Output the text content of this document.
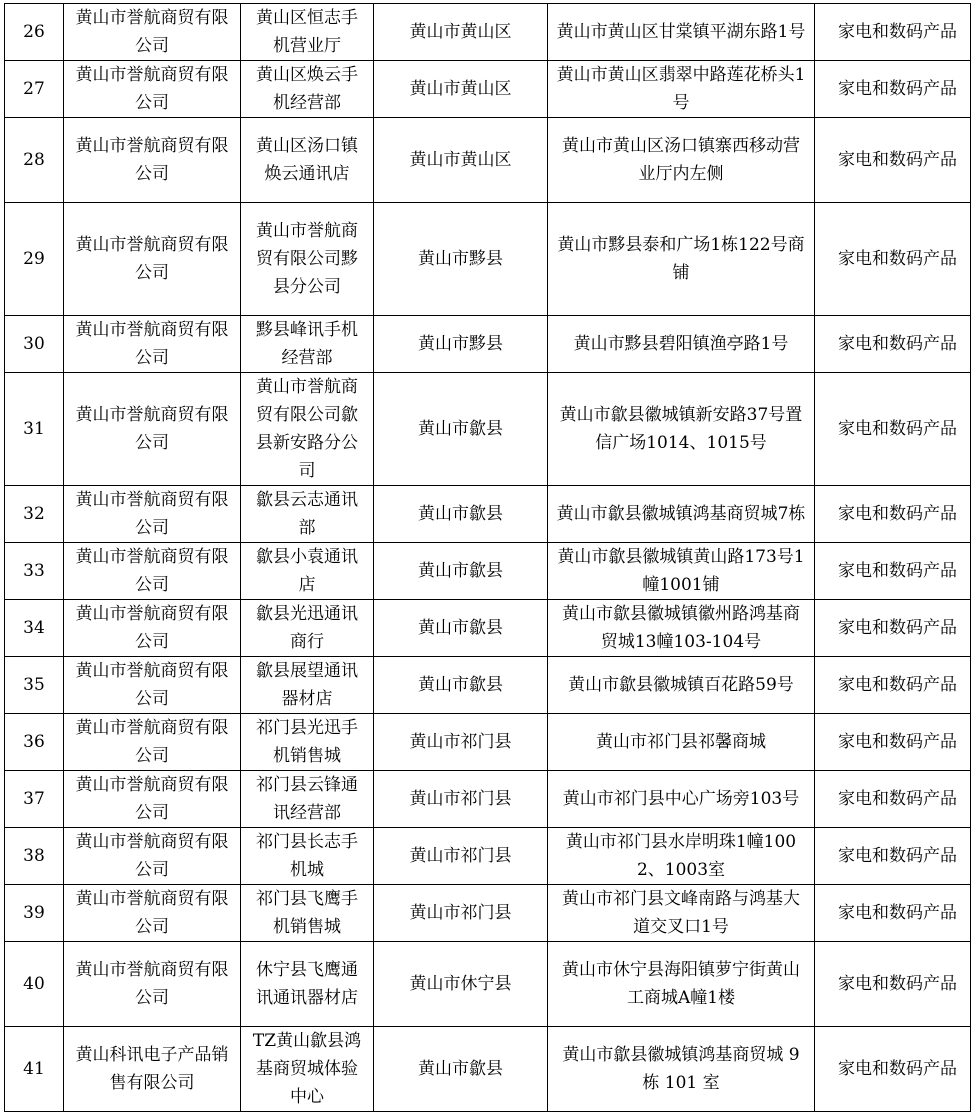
26	黄山市誉航商贸有限公司	黄山区恒志手机营业厅	黄山市黄山区	黄山市黄山区甘棠镇平湖东路1号	家电和数码产品
27	黄山市誉航商贸有限公司	黄山区焕云手机经营部	黄山市黄山区	黄山市黄山区翡翠中路莲花桥头1号	家电和数码产品
28	黄山市誉航商贸有限公司	黄山区汤口镇焕云通讯店	黄山市黄山区	黄山市黄山区汤口镇寨西移动营业厅内左侧	家电和数码产品
29	黄山市誉航商贸有限公司	黄山市誉航商贸有限公司黟县分公司	黄山市黟县	黄山市黟县泰和广场1栋122号商铺	家电和数码产品
30	黄山市誉航商贸有限公司	黟县峰讯手机经营部	黄山市黟县	黄山市黟县碧阳镇渔亭路1号	家电和数码产品
31	黄山市誉航商贸有限公司	黄山市誉航商贸有限公司歙县新安路分公司	黄山市歙县	黄山市歙县徽城镇新安路37号置信广场1014、1015号	家电和数码产品
32	黄山市誉航商贸有限公司	歙县云志通讯部	黄山市歙县	黄山市歙县徽城镇鸿基商贸城7栋	家电和数码产品
33	黄山市誉航商贸有限公司	歙县小袁通讯店	黄山市歙县	黄山市歙县徽城镇黄山路173号1幢1001铺	家电和数码产品
34	黄山市誉航商贸有限公司	歙县光迅通讯商行	黄山市歙县	黄山市歙县徽城镇徽州路鸿基商贸城13幢103-104号	家电和数码产品
35	黄山市誉航商贸有限公司	歙县展望通讯器材店	黄山市歙县	黄山市歙县徽城镇百花路59号	家电和数码产品
36	黄山市誉航商贸有限公司	祁门县光迅手机销售城	黄山市祁门县	黄山市祁门县祁馨商城	家电和数码产品
37	黄山市誉航商贸有限公司	祁门县云锋通讯经营部	黄山市祁门县	黄山市祁门县中心广场旁103号	家电和数码产品
38	黄山市誉航商贸有限公司	祁门县长志手机城	黄山市祁门县	黄山市祁门县水岸明珠1幢1002、1003室	家电和数码产品
39	黄山市誉航商贸有限公司	祁门县飞鹰手机销售城	黄山市祁门县	黄山市祁门县文峰南路与鸿基大道交叉口1号	家电和数码产品
40	黄山市誉航商贸有限公司	休宁县飞鹰通讯通讯器材店	黄山市休宁县	黄山市休宁县海阳镇萝宁街黄山工商城A幢1楼	家电和数码产品
41	黄山科讯电子产品销售有限公司	TZ黄山歙县鸿基商贸城体验中心	黄山市歙县	黄山市歙县徽城镇鸿基商贸城 9 栋 101 室	家电和数码产品
